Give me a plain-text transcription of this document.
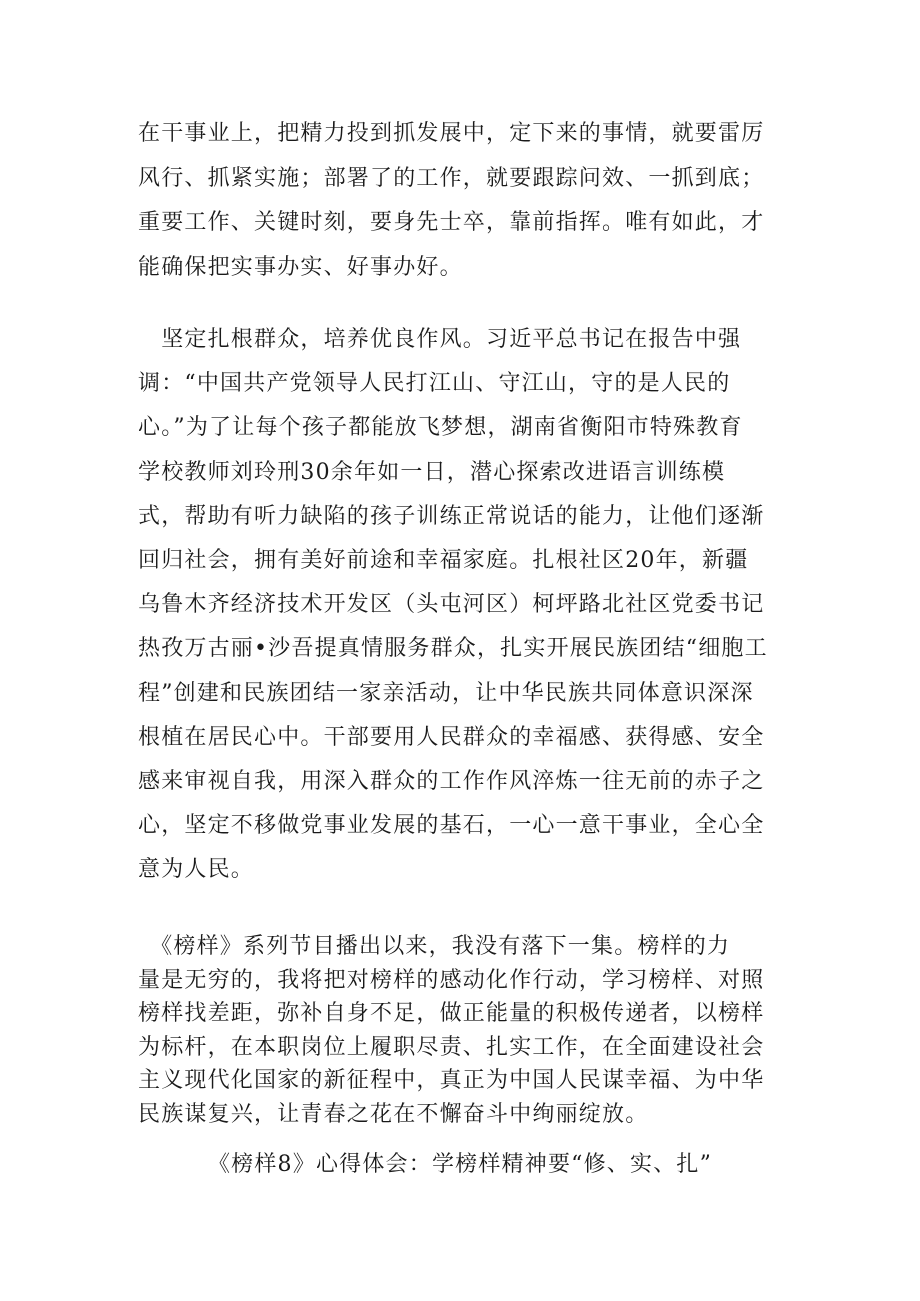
在干事业上，把精力投到抓发展中，定下来的事情，就要雷厉
风行、抓紧实施；部署了的工作，就要跟踪问效、一抓到底；
重要工作、关键时刻，要身先士卒，靠前指挥。唯有如此，才
能确保把实事办实、好事办好。
　坚定扎根群众，培养优良作风。习近平总书记在报告中强
调：“中国共产党领导人民打江山、守江山，守的是人民的
心。”为了让每个孩子都能放飞梦想，湖南省衡阳市特殊教育
学校教师刘玲刑30余年如一日，潜心探索改进语言训练模
式，帮助有听力缺陷的孩子训练正常说话的能力，让他们逐渐
回归社会，拥有美好前途和幸福家庭。扎根社区20年，新疆
乌鲁木齐经济技术开发区（头屯河区）柯坪路北社区党委书记
热孜万古丽•沙吾提真情服务群众，扎实开展民族团结“细胞工
程”创建和民族团结一家亲活动，让中华民族共同体意识深深
根植在居民心中。干部要用人民群众的幸福感、获得感、安全
感来审视自我，用深入群众的工作作风淬炼一往无前的赤子之
心，坚定不移做党事业发展的基石，一心一意干事业，全心全
意为人民。
　《榜样》系列节目播出以来，我没有落下一集。榜样的力
量是无穷的，我将把对榜样的感动化作行动，学习榜样、对照
榜样找差距，弥补自身不足，做正能量的积极传递者，以榜样
为标杆，在本职岗位上履职尽责、扎实工作，在全面建设社会
主义现代化国家的新征程中，真正为中国人民谋幸福、为中华
民族谋复兴，让青春之花在不懈奋斗中绚丽绽放。
《榜样8》心得体会：学榜样精神要“修、实、扎”
